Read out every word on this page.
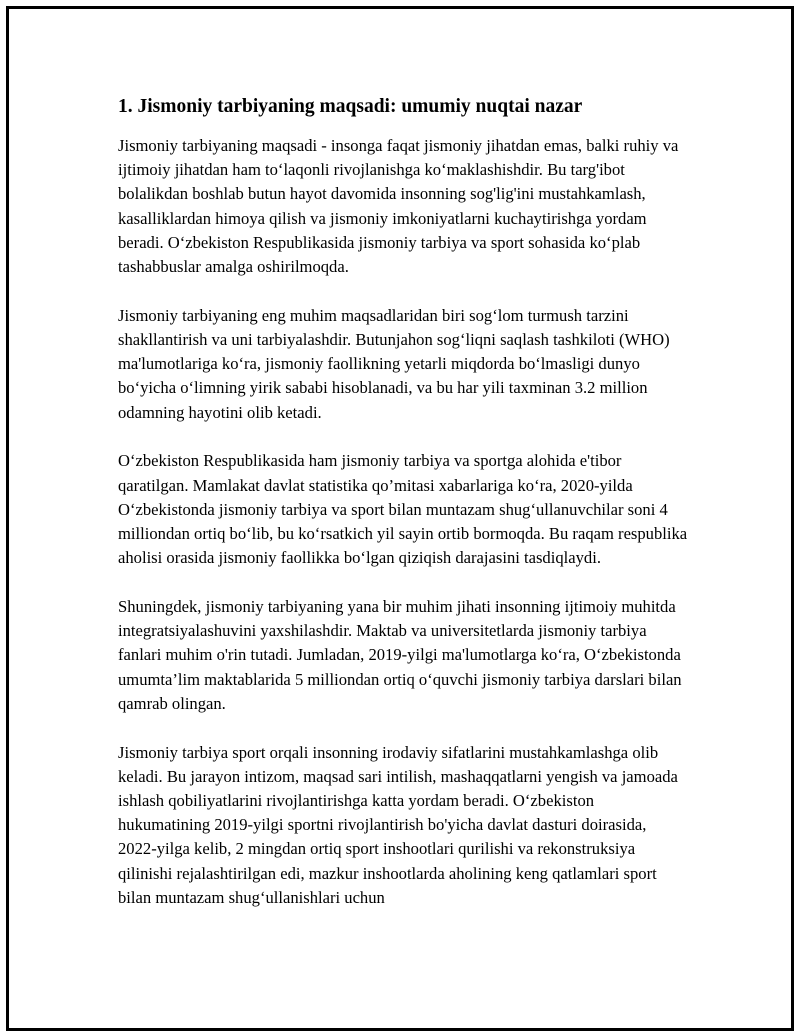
1. Jismoniy tarbiyaning maqsadi: umumiy nuqtai nazar

Jismoniy tarbiyaning maqsadi - insonga faqat jismoniy jihatdan emas, balki ruhiy va ijtimoiy jihatdan ham to‘laqonli rivojlanishga ko‘maklashishdir. Bu targ'ibot bolalikdan boshlab butun hayot davomida insonning sog'lig'ini mustahkamlash, kasalliklardan himoya qilish va jismoniy imkoniyatlarni kuchaytirishga yordam beradi. O‘zbekiston Respublikasida jismoniy tarbiya va sport sohasida ko‘plab tashabbuslar amalga oshirilmoqda.

Jismoniy tarbiyaning eng muhim maqsadlaridan biri sog‘lom turmush tarzini shakllantirish va uni tarbiyalashdir. Butunjahon sog‘liqni saqlash tashkiloti (WHO) ma'lumotlariga ko‘ra, jismoniy faollikning yetarli miqdorda bo‘lmasligi dunyo bo‘yicha o‘limning yirik sababi hisoblanadi, va bu har yili taxminan 3.2 million odamning hayotini olib ketadi.

O‘zbekiston Respublikasida ham jismoniy tarbiya va sportga alohida e'tibor qaratilgan. Mamlakat davlat statistika qo’mitasi xabarlariga ko‘ra, 2020-yilda O‘zbekistonda jismoniy tarbiya va sport bilan muntazam shug‘ullanuvchilar soni 4 milliondan ortiq bo‘lib, bu ko‘rsatkich yil sayin ortib bormoqda. Bu raqam respublika aholisi orasida jismoniy faollikka bo‘lgan qiziqish darajasini tasdiqlaydi.

Shuningdek, jismoniy tarbiyaning yana bir muhim jihati insonning ijtimoiy muhitda integratsiyalashuvini yaxshilashdir. Maktab va universitetlarda jismoniy tarbiya fanlari muhim o'rin tutadi. Jumladan, 2019-yilgi ma'lumotlarga ko‘ra, O‘zbekistonda umumta’lim maktablarida 5 milliondan ortiq o‘quvchi jismoniy tarbiya darslari bilan qamrab olingan.

Jismoniy tarbiya sport orqali insonning irodaviy sifatlarini mustahkamlashga olib keladi. Bu jarayon intizom, maqsad sari intilish, mashaqqatlarni yengish va jamoada ishlash qobiliyatlarini rivojlantirishga katta yordam beradi. O‘zbekiston hukumatining 2019-yilgi sportni rivojlantirish bo'yicha davlat dasturi doirasida, 2022-yilga kelib, 2 mingdan ortiq sport inshootlari qurilishi va rekonstruksiya qilinishi rejalashtirilgan edi, mazkur inshootlarda aholining keng qatlamlari sport bilan muntazam shug‘ullanishlari uchun
